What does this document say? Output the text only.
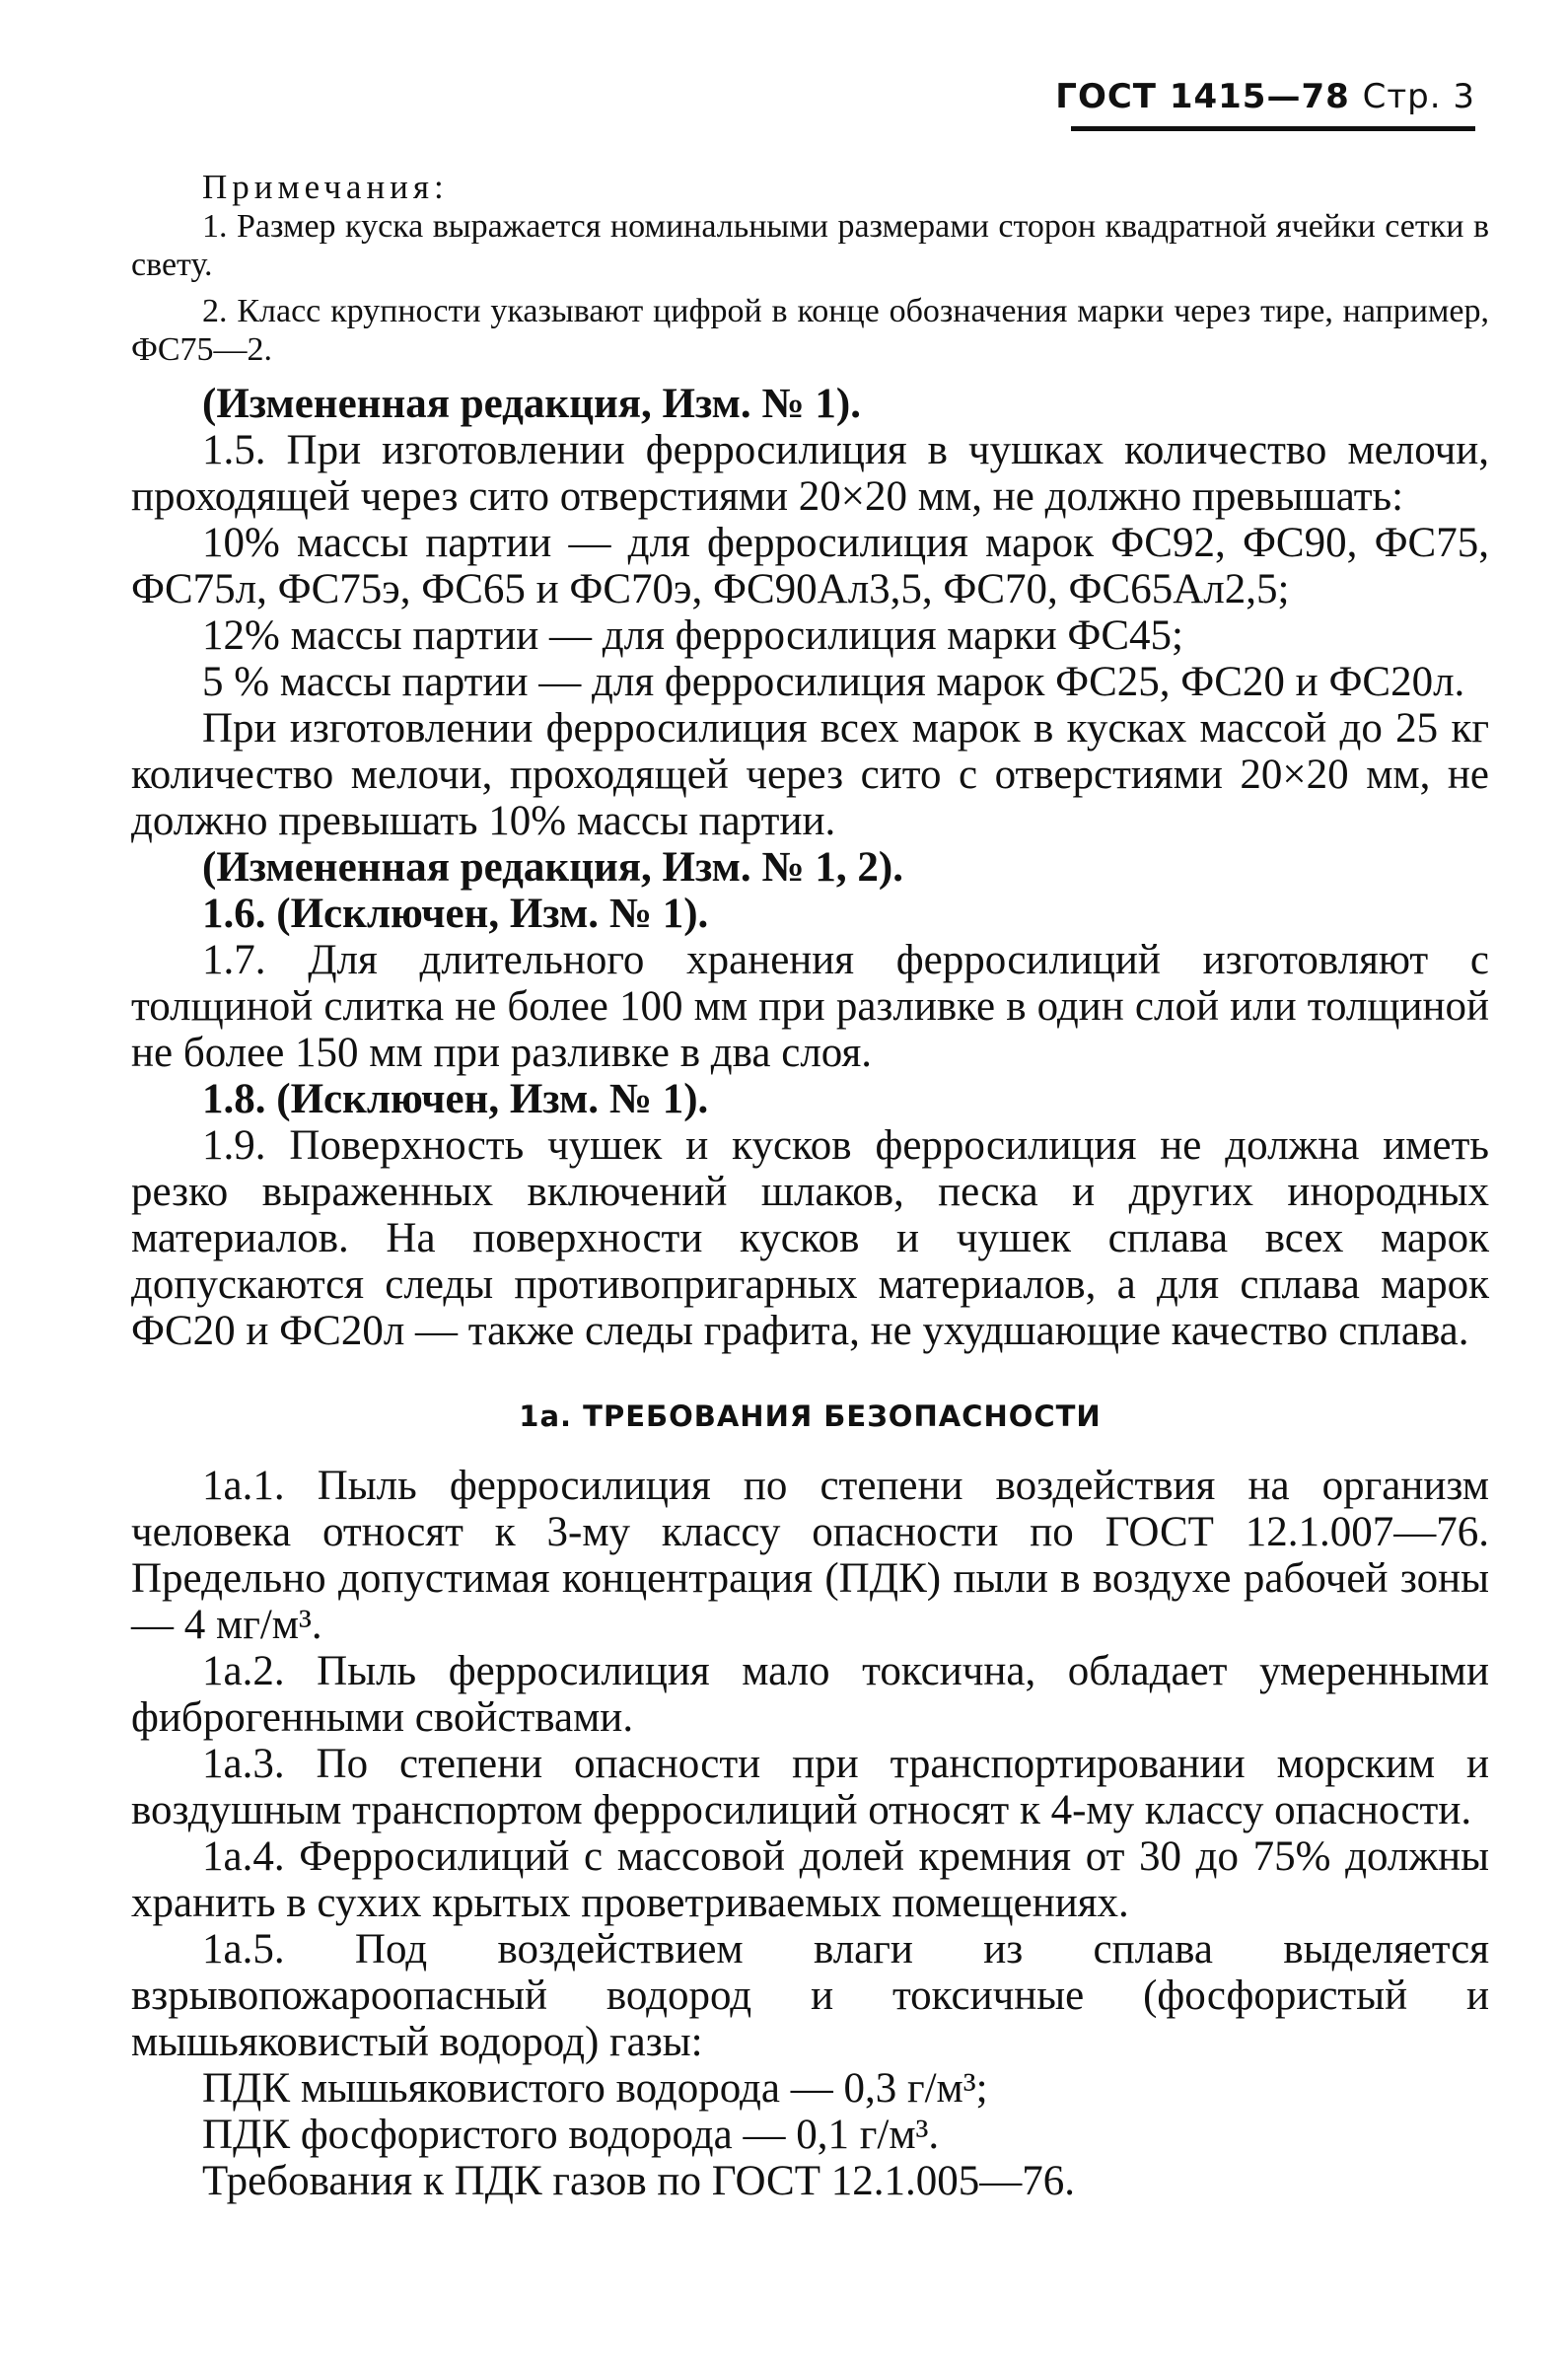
ГОСТ 1415—78 Стр. 3

Примечания:

1. Размер куска выражается номинальными размерами сторон квадратной ячейки сетки в свету.

2. Класс крупности указывают цифрой в конце обозначения марки через тире, например, ФС75—2.

(Измененная редакция, Изм. № 1).

1.5. При изготовлении ферросилиция в чушках количество мелочи, проходящей через сито отверстиями 20×20 мм, не должно превышать:

10% массы партии — для ферросилиция марок ФС92, ФС90, ФС75, ФС75л, ФС75э, ФС65 и ФС70э, ФС90Ал3,5, ФС70, ФС65Ал2,5;

12% массы партии — для ферросилиция марки ФС45;

5 % массы партии — для ферросилиция марок ФС25, ФС20 и ФС20л.

При изготовлении ферросилиция всех марок в кусках массой до 25 кг количество мелочи, проходящей через сито с отверстиями 20×20 мм, не должно превышать 10% массы партии.

(Измененная редакция, Изм. № 1, 2).

1.6. (Исключен, Изм. № 1).

1.7. Для длительного хранения ферросилиций изготовляют с толщиной слитка не более 100 мм при разливке в один слой или толщиной не более 150 мм при разливке в два слоя.

1.8. (Исключен, Изм. № 1).

1.9. Поверхность чушек и кусков ферросилиция не должна иметь резко выраженных включений шлаков, песка и других инородных материалов. На поверхности кусков и чушек сплава всех марок допускаются следы противопригарных материалов, а для сплава марок ФС20 и ФС20л — также следы графита, не ухудшающие качество сплава.

1а. ТРЕБОВАНИЯ БЕЗОПАСНОСТИ

1а.1. Пыль ферросилиция по степени воздействия на организм человека относят к 3-му классу опасности по ГОСТ 12.1.007—76. Предельно допустимая концентрация (ПДК) пыли в воздухе рабочей зоны — 4 мг/м³.

1а.2. Пыль ферросилиция мало токсична, обладает умеренными фиброгенными свойствами.

1а.3. По степени опасности при транспортировании морским и воздушным транспортом ферросилиций относят к 4-му классу опасности.

1а.4. Ферросилиций с массовой долей кремния от 30 до 75% должны хранить в сухих крытых проветриваемых помещениях.

1а.5. Под воздействием влаги из сплава выделяется взрывопожароопасный водород и токсичные (фосфористый и мышьяковистый водород) газы:

ПДК мышьяковистого водорода — 0,3 г/м³;

ПДК фосфористого водорода — 0,1 г/м³.

Требования к ПДК газов по ГОСТ 12.1.005—76.
